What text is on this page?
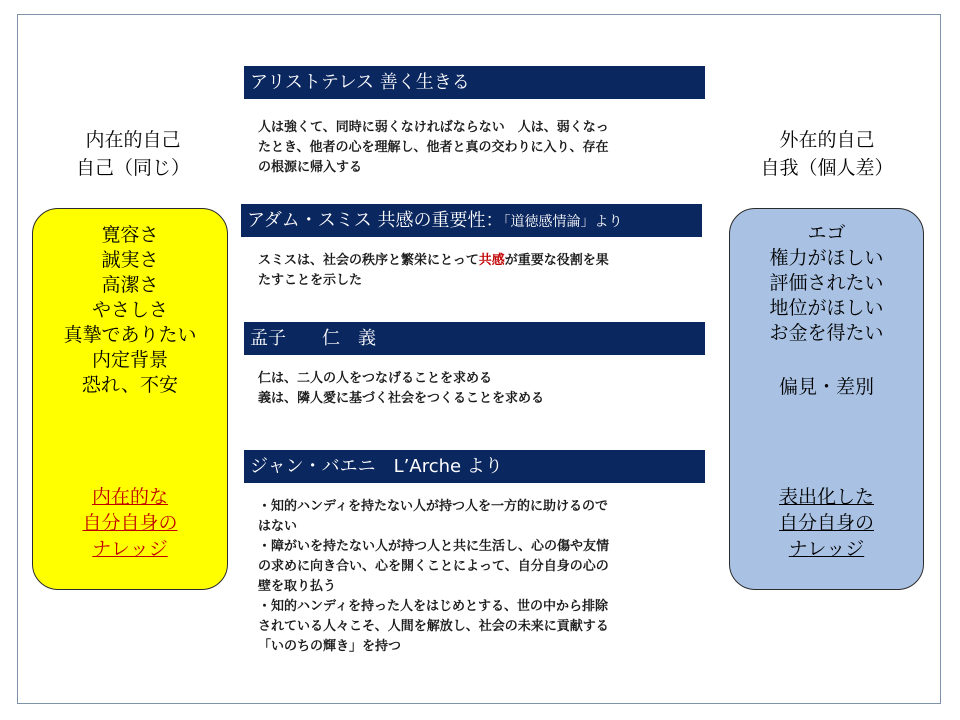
内在的自己
自己（同じ）
外在的自己
自我（個人差）
寛容さ
誠実さ
高潔さ
やさしさ
真摯でありたい
内定背景
恐れ、不安
内在的な
自分自身の
ナレッジ
エゴ
権力がほしい
評価されたい
地位がほしい
お金を得たい
偏見・差別
表出化した
自分自身の
ナレッジ
アリストテレス 善く生きる
人は強くて、同時に弱くなければならない　人は、弱くなっ
たとき、他者の心を理解し、他者と真の交わりに入り、存在
の根源に帰入する
アダム・スミス 共感の重要性：「道徳感情論」より
スミスは、社会の秩序と繁栄にとって共感が重要な役割を果
たすことを示した
孟子　　仁　義
仁は、二人の人をつなげることを求める
義は、隣人愛に基づく社会をつくることを求める
ジャン・バエニ　L’Arche より
・知的ハンディを持たない人が持つ人を一方的に助けるので
はない
・障がいを持たない人が持つ人と共に生活し、心の傷や友情
の求めに向き合い、心を開くことによって、自分自身の心の
壁を取り払う
・知的ハンディを持った人をはじめとする、世の中から排除
されている人々こそ、人間を解放し、社会の未来に貢献する
「いのちの輝き」を持つ
